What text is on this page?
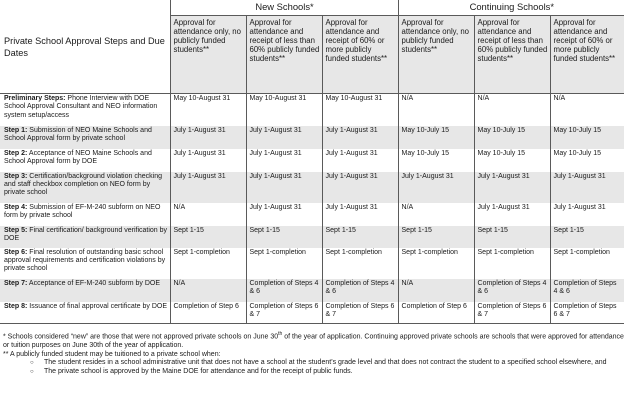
Private School Approval Steps and Due Dates	New Schools*			Continuing Schools*		
	Approval for attendance only, no publicly funded students**	Approval for attendance and receipt of less than 60% publicly funded students**	Approval for attendance and receipt of 60% or more publicly funded students**	Approval for attendance only, no publicly funded students**	Approval for attendance and receipt of less than 60% publicly funded students**	Approval for attendance and receipt of 60% or more publicly funded students**
Preliminary Steps: Phone Interview with DOE School Approval Consultant and NEO information system setup/access	May 10-August 31	May 10-August 31	May 10-August 31	N/A	N/A	N/A
Step 1: Submission of NEO Maine Schools and School Approval form by private school	July 1-August 31	July 1-August 31	July 1-August 31	May 10-July 15	May 10-July 15	May 10-July 15
Step 2: Acceptance of NEO Maine Schools and School Approval form by DOE	July 1-August 31	July 1-August 31	July 1-August 31	May 10-July 15	May 10-July 15	May 10-July 15
Step 3: Certification/background violation checking and staff checkbox completion on NEO form by private school	July 1-August 31	July 1-August 31	July 1-August 31	July 1-August 31	July 1-August 31	July 1-August 31
Step 4: Submission of EF-M-240 subform on NEO form by private school	N/A	July 1-August 31	July 1-August 31	N/A	July 1-August 31	July 1-August 31
Step 5: Final certification/ background verification by DOE	Sept 1-15	Sept 1-15	Sept 1-15	Sept 1-15	Sept 1-15	Sept 1-15
Step 6: Final resolution of outstanding basic school approval requirements and certification violations by private school	Sept 1-completion	Sept 1-completion	Sept 1-completion	Sept 1-completion	Sept 1-completion	Sept 1-completion
Step 7: Acceptance of EF-M-240 subform by DOE	N/A	Completion of Steps 4 & 6	Completion of Steps 4 & 6	N/A	Completion of Steps 4 & 6	Completion of Steps 4 & 6
Step 8: Issuance of final approval certificate by DOE	Completion of Step 6	Completion of Steps 6 & 7	Completion of Steps 6 & 7	Completion of Step 6	Completion of Steps 6 & 7	Completion of Steps 6 & 7

* Schools considered “new” are those that were not approved private schools on June 30th of the year of application. Continuing approved private schools are schools that were approved for attendance or tuition purposes on June 30th of the year of application.

** A publicly funded student may be tuitioned to a private school when:

○ The student resides in a school administrative unit that does not have a school at the student’s grade level and that does not contract the student to a specified school elsewhere, and
○ The private school is approved by the Maine DOE for attendance and for the receipt of public funds.
